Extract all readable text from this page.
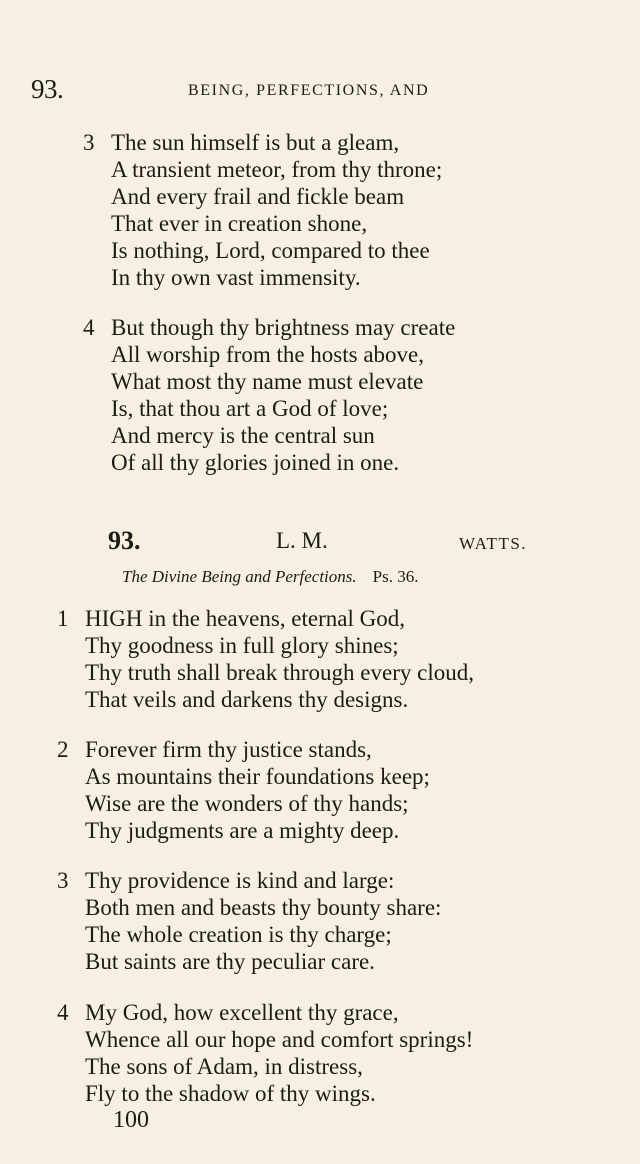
93.	BEING, PERFECTIONS, AND
3 The sun himself is but a gleam,
A transient meteor, from thy throne;
And every frail and fickle beam
That ever in creation shone,
Is nothing, Lord, compared to thee
In thy own vast immensity.
4 But though thy brightness may create
All worship from the hosts above,
What most thy name must elevate
Is, that thou art a God of love;
And mercy is the central sun
Of all thy glories joined in one.
93.	L. M.	WATTS.
The Divine Being and Perfections. Ps. 36.
1 HIGH in the heavens, eternal God,
Thy goodness in full glory shines;
Thy truth shall break through every cloud,
That veils and darkens thy designs.
2 Forever firm thy justice stands,
As mountains their foundations keep;
Wise are the wonders of thy hands;
Thy judgments are a mighty deep.
3 Thy providence is kind and large:
Both men and beasts thy bounty share:
The whole creation is thy charge;
But saints are thy peculiar care.
4 My God, how excellent thy grace,
Whence all our hope and comfort springs!
The sons of Adam, in distress,
Fly to the shadow of thy wings.
100
